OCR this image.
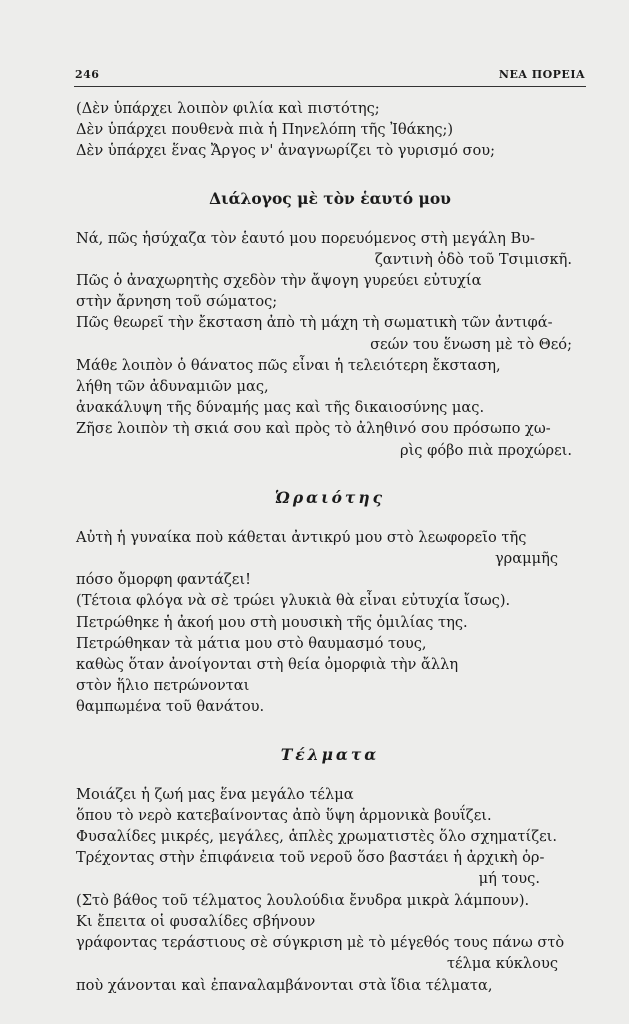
246	ΝΕΑ ΠΟΡΕΙΑ
(Δὲν ὑπάρχει λοιπὸν φιλία καὶ πιστότης;
Δὲν ὑπάρχει πουθενὰ πιὰ ἡ Πηνελόπη τῆς Ἰθάκης;)
Δὲν ὑπάρχει ἕνας Ἄργος ν' ἀναγνωρίζει τὸ γυρισμό σου;
Διάλογος μὲ τὸν ἑαυτό μου
Νά, πῶς ἡσύχαζα τὸν ἑαυτό μου πορευόμενος στὴ μεγάλη Βυ-
ζαντινὴ ὁδὸ τοῦ Τσιμισκῆ.
Πῶς ὁ ἀναχωρητὴς σχεδὸν τὴν ἄψογη γυρεύει εὐτυχία
στὴν ἄρνηση τοῦ σώματος;
Πῶς θεωρεῖ τὴν ἔκσταση ἀπὸ τὴ μάχη τὴ σωματικὴ τῶν ἀντιφά-
σεών του ἕνωση μὲ τὸ Θεό;
Μάθε λοιπὸν ὁ θάνατος πῶς εἶναι ἡ τελειότερη ἔκσταση,
λήθη τῶν ἀδυναμιῶν μας,
ἀνακάλυψη τῆς δύναμής μας καὶ τῆς δικαιοσύνης μας.
Ζῆσε λοιπὸν τὴ σκιά σου καὶ πρὸς τὸ ἀληθινό σου πρόσωπο χω-
ρὶς φόβο πιὰ προχώρει.
Ὡραιότης
Αὐτὴ ἡ γυναίκα ποὺ κάθεται ἀντικρύ μου στὸ λεωφορεῖο τῆς
γραμμῆς
πόσο ὄμορφη φαντάζει!
(Τέτοια φλόγα νὰ σὲ τρώει γλυκιὰ θὰ εἶναι εὐτυχία ἴσως).
Πετρώθηκε ἡ ἀκοή μου στὴ μουσικὴ τῆς ὁμιλίας της.
Πετρώθηκαν τὰ μάτια μου στὸ θαυμασμό τους,
καθὼς ὅταν ἀνοίγονται στὴ θεία ὀμορφιὰ τὴν ἄλλη
στὸν ἥλιο πετρώνονται
θαμπωμένα τοῦ θανάτου.
Τέλματα
Μοιάζει ἡ ζωή μας ἕνα μεγάλο τέλμα
ὅπου τὸ νερὸ κατεβαίνοντας ἀπὸ ὕψη ἁρμονικὰ βουΐζει.
Φυσαλίδες μικρές, μεγάλες, ἁπλὲς χρωματιστὲς ὅλο σχηματίζει.
Τρέχοντας στὴν ἐπιφάνεια τοῦ νεροῦ ὅσο βαστάει ἡ ἀρχικὴ ὁρ-
μή τους.
(Στὸ βάθος τοῦ τέλματος λουλούδια ἔνυδρα μικρὰ λάμπουν).
Κι ἔπειτα οἱ φυσαλίδες σβήνουν
γράφοντας τεράστιους σὲ σύγκριση μὲ τὸ μέγεθός τους πάνω στὸ
τέλμα κύκλους
ποὺ χάνονται καὶ ἐπαναλαμβάνονται στὰ ἴδια τέλματα,
